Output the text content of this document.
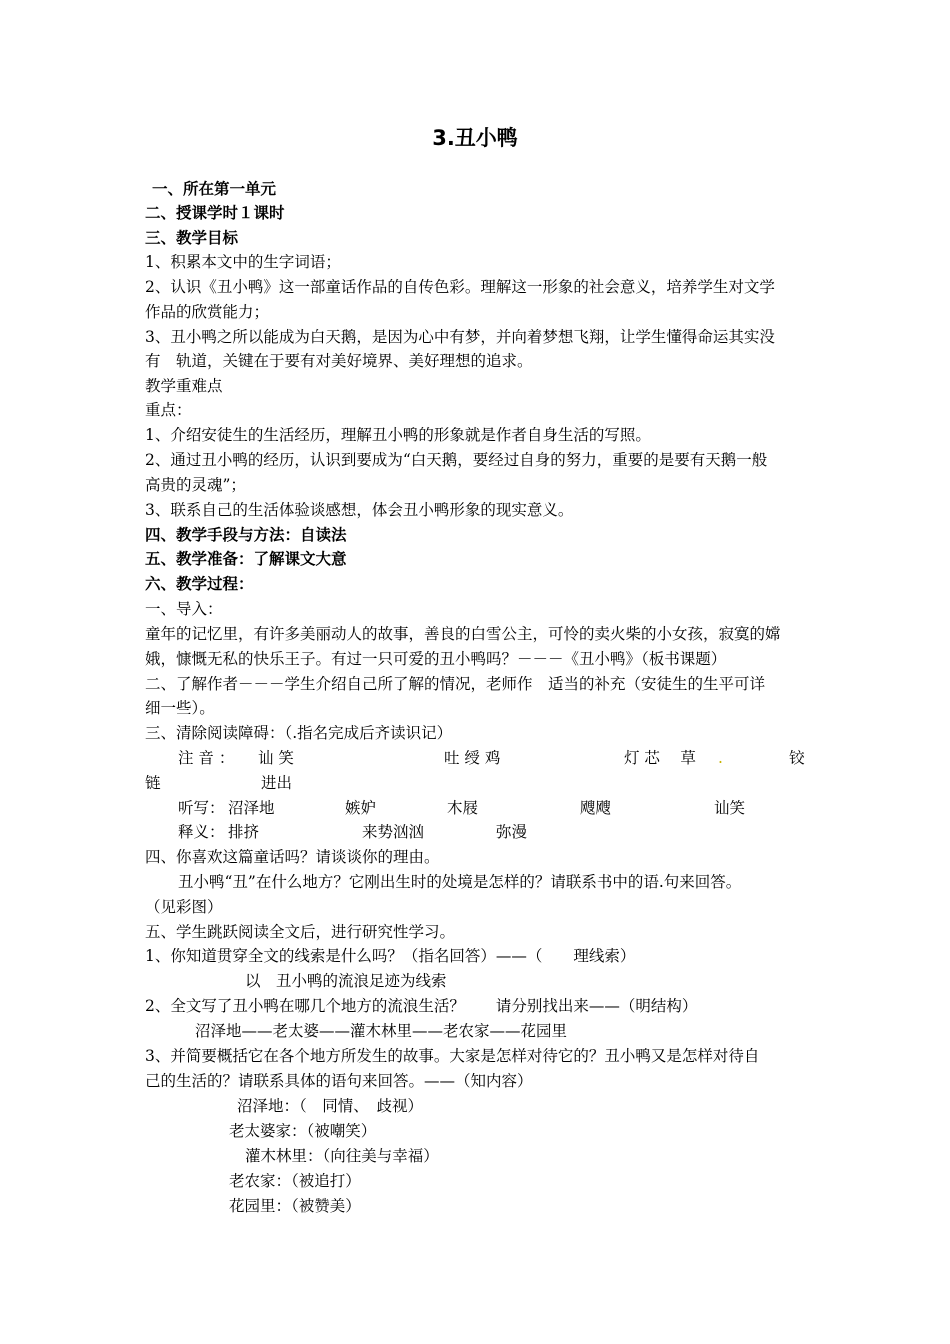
3.丑小鸭
一、所在第一单元
二、授课学时１课时
三、教学目标
1、积累本文中的生字词语；
2、认识《丑小鸭》这一部童话作品的自传色彩。理解这一形象的社会意义，培养学生对文学
作品的欣赏能力；
3、丑小鸭之所以能成为白天鹅，是因为心中有梦，并向着梦想飞翔，让学生懂得命运其实没
有　轨道，关键在于要有对美好境界、美好理想的追求。
教学重难点
重点：
1、介绍安徒生的生活经历，理解丑小鸭的形象就是作者自身生活的写照。
2、通过丑小鸭的经历，认识到要成为“白天鹅，要经过自身的努力，重要的是要有天鹅一般
高贵的灵魂”；
3、联系自己的生活体验谈感想，体会丑小鸭形象的现实意义。
四、教学手段与方法：自读法
五、教学准备：了解课文大意
六、教学过程：
一、导入：
童年的记忆里，有许多美丽动人的故事，善良的白雪公主，可怜的卖火柴的小女孩，寂寞的嫦
娥，慷慨无私的快乐王子。有过一只可爱的丑小鸭吗？－－－《丑小鸭》（板书课题）
二、了解作者－－－学生介绍自己所了解的情况，老师作　适当的补充（安徒生的生平可详
细一些）。
三、清除阅读障碍：（.指名完成后齐读识记）
注 音 ： 讪 笑	吐 绶 鸡	灯 芯　 草 .	铰
链	进出
听写： 沼泽地	嫉妒	木屐	飕飕	讪笑
释义： 排挤	来势汹汹	弥漫
四、你喜欢这篇童话吗？请谈谈你的理由。
丑小鸭“丑”在什么地方？它刚出生时的处境是怎样的？请联系书中的语.句来回答。
（见彩图）
五、学生跳跃阅读全文后，进行研究性学习。
1、你知道贯穿全文的线索是什么吗？（指名回答）——（　　理线索）
以　丑小鸭的流浪足迹为线索
2、全文写了丑小鸭在哪几个地方的流浪生活？　　请分别找出来——（明结构）
沼泽地——老太婆——灌木林里——老农家——花园里
3、并简要概括它在各个地方所发生的故事。大家是怎样对待它的？丑小鸭又是怎样对待自
己的生活的？请联系具体的语句来回答。——（知内容）
沼泽地：（　同情、　歧视）
老太婆家：（被嘲笑）
灌木林里：（向往美与幸福）
老农家：（被追打）
花园里：（被赞美）
